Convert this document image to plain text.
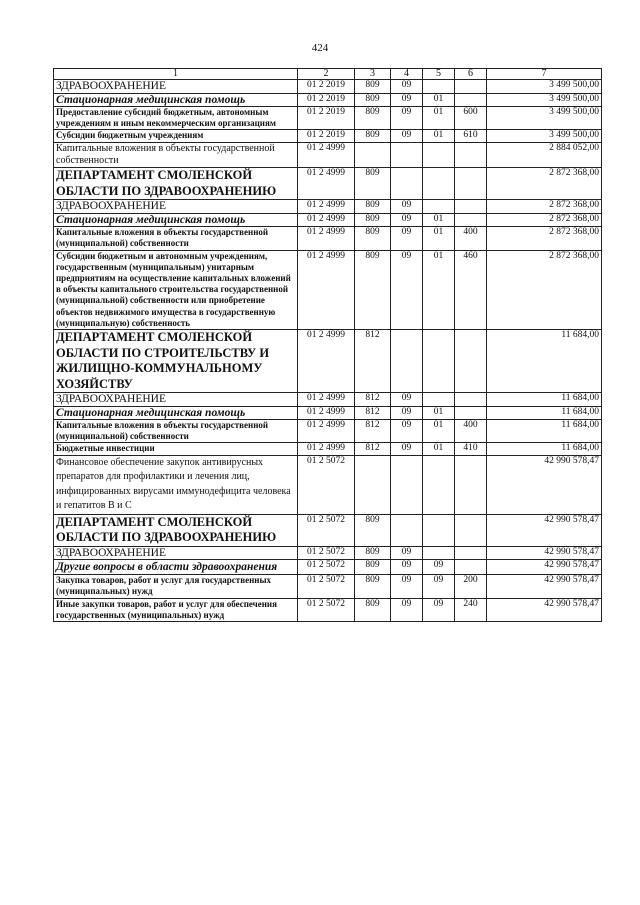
424
1	2	3	4	5	6	7
ЗДРАВООХРАНЕНИЕ	01 2 2019	809	09			3 499 500,00
Стационарная медицинская помощь	01 2 2019	809	09	01		3 499 500,00
Предоставление субсидий бюджетным, автономным учреждениям и иным некоммерческим организациям	01 2 2019	809	09	01	600	3 499 500,00
Субсидии бюджетным учреждениям	01 2 2019	809	09	01	610	3 499 500,00
Капитальные вложения в объекты государственной собственности	01 2 4999					2 884 052,00
ДЕПАРТАМЕНТ СМОЛЕНСКОЙ ОБЛАСТИ ПО ЗДРАВООХРАНЕНИЮ	01 2 4999	809				2 872 368,00
ЗДРАВООХРАНЕНИЕ	01 2 4999	809	09			2 872 368,00
Стационарная медицинская помощь	01 2 4999	809	09	01		2 872 368,00
Капитальные вложения в объекты государственной (муниципальной) собственности	01 2 4999	809	09	01	400	2 872 368,00
Субсидии бюджетным и автономным учреждениям, государственным (муниципальным) унитарным предприятиям на осуществление капитальных вложений в объекты капитального строительства государственной (муниципальной) собственности или приобретение объектов недвижимого имущества в государственную (муниципальную) собственность	01 2 4999	809	09	01	460	2 872 368,00
ДЕПАРТАМЕНТ СМОЛЕНСКОЙ ОБЛАСТИ ПО СТРОИТЕЛЬСТВУ И ЖИЛИЩНО-КОММУНАЛЬНОМУ ХОЗЯЙСТВУ	01 2 4999	812				11 684,00
ЗДРАВООХРАНЕНИЕ	01 2 4999	812	09			11 684,00
Стационарная медицинская помощь	01 2 4999	812	09	01		11 684,00
Капитальные вложения в объекты государственной (муниципальной) собственности	01 2 4999	812	09	01	400	11 684,00
Бюджетные инвестиции	01 2 4999	812	09	01	410	11 684,00
Финансовое обеспечение закупок антивирусных препаратов для профилактики и лечения лиц, инфицированных вирусами иммунодефицита человека и гепатитов В и С	01 2 5072					42 990 578,47
ДЕПАРТАМЕНТ СМОЛЕНСКОЙ ОБЛАСТИ ПО ЗДРАВООХРАНЕНИЮ	01 2 5072	809				42 990 578,47
ЗДРАВООХРАНЕНИЕ	01 2 5072	809	09			42 990 578,47
Другие вопросы в области здравоохранения	01 2 5072	809	09	09		42 990 578,47
Закупка товаров, работ и услуг для государственных (муниципальных) нужд	01 2 5072	809	09	09	200	42 990 578,47
Иные закупки товаров, работ и услуг для обеспечения государственных (муниципальных) нужд	01 2 5072	809	09	09	240	42 990 578,47
